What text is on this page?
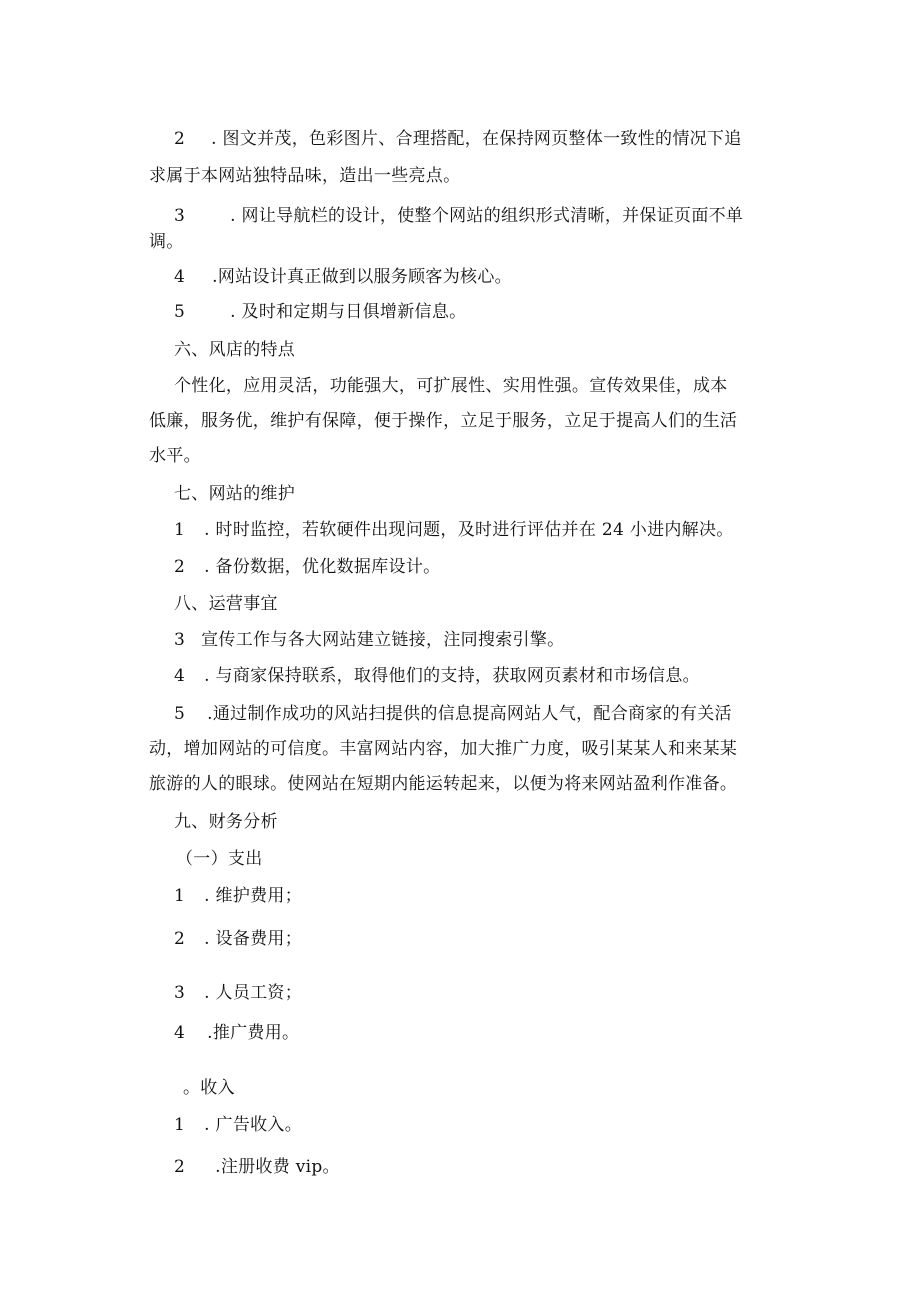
2 . 图文并茂，色彩图片、合理搭配，在保持网页整体一致性的情况下追
求属于本网站独特品味，造出一些亮点。
3	. 网让导航栏的设计，使整个网站的组织形式清晰，并保证页面不单
调。
4 .网站设计真正做到以服务顾客为核心。
5	. 及时和定期与日俱增新信息。
六、风店的特点
个性化，应用灵活，功能强大，可扩展性、实用性强。宣传效果佳，成本
低廉，服务优，维护有保障，便于操作，立足于服务，立足于提高人们的生活
水平。
七、网站的维护
1 . 时时监控，若软硬件出现问题，及时进行评估并在 24 小进内解决。
2 . 备份数据，优化数据库设计。
八、运营事宜
3 宣传工作与各大网站建立链接，注同搜索引擎。
4 . 与商家保持联系，取得他们的支持，获取网页素材和市场信息。
5 .通过制作成功的风站扫提供的信息提高网站人气，配合商家的有关活
动，增加网站的可信度。丰富网站内容，加大推广力度，吸引某某人和来某某
旅游的人的眼球。使网站在短期内能运转起来，以便为将来网站盈利作准备。
九、财务分析
（一）支出
1 . 维护费用；
2 . 设备费用；
3 . 人员工资；
4 .推广费用。
。收入
1 . 广告收入。
2 .注册收费 vip。
